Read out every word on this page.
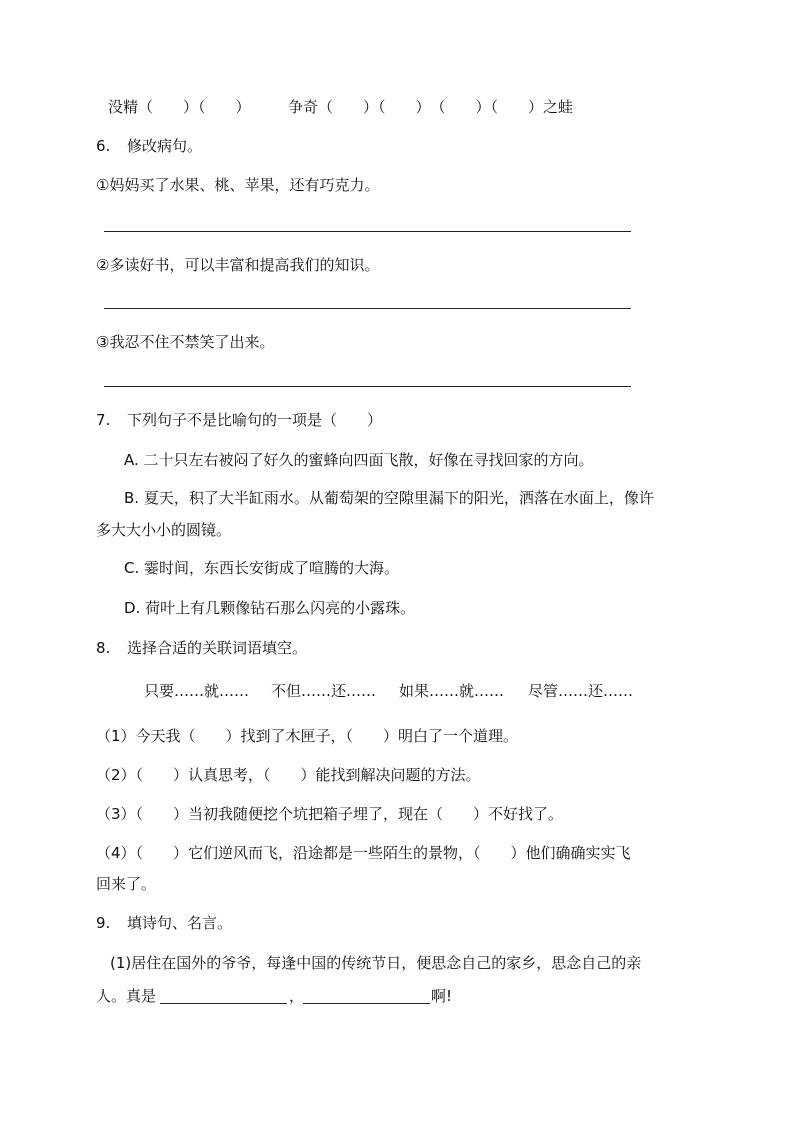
没精（　　）（　　）　　　争奇（　　）（　　）　（　　）（　　）之蛙
6. 修改病句。
①妈妈买了水果、桃、苹果，还有巧克力。
②多读好书，可以丰富和提高我们的知识。
③我忍不住不禁笑了出来。
7. 下列句子不是比喻句的一项是（　　）
A. 二十只左右被闷了好久的蜜蜂向四面飞散，好像在寻找回家的方向。
B. 夏天，积了大半缸雨水。从葡萄架的空隙里漏下的阳光，洒落在水面上，像许
多大大小小的圆镜。
C. 霎时间，东西长安街成了喧腾的大海。
D. 荷叶上有几颗像钻石那么闪亮的小露珠。
8. 选择合适的关联词语填空。
只要……就…… 不但……还…… 如果……就…… 尽管……还……
（1）今天我（　　）找到了木匣子，（　　）明白了一个道理。
（2）（　　）认真思考，（　　）能找到解决问题的方法。
（3）（　　）当初我随便挖个坑把箱子埋了，现在（　　）不好找了。
（4）（　　）它们逆风而飞，沿途都是一些陌生的景物，（　　）他们确确实实飞
回来了。
9. 填诗句、名言。
(1)居住在国外的爷爷，每逢中国的传统节日，便思念自己的家乡，思念自己的亲
人。真是	，	啊!
